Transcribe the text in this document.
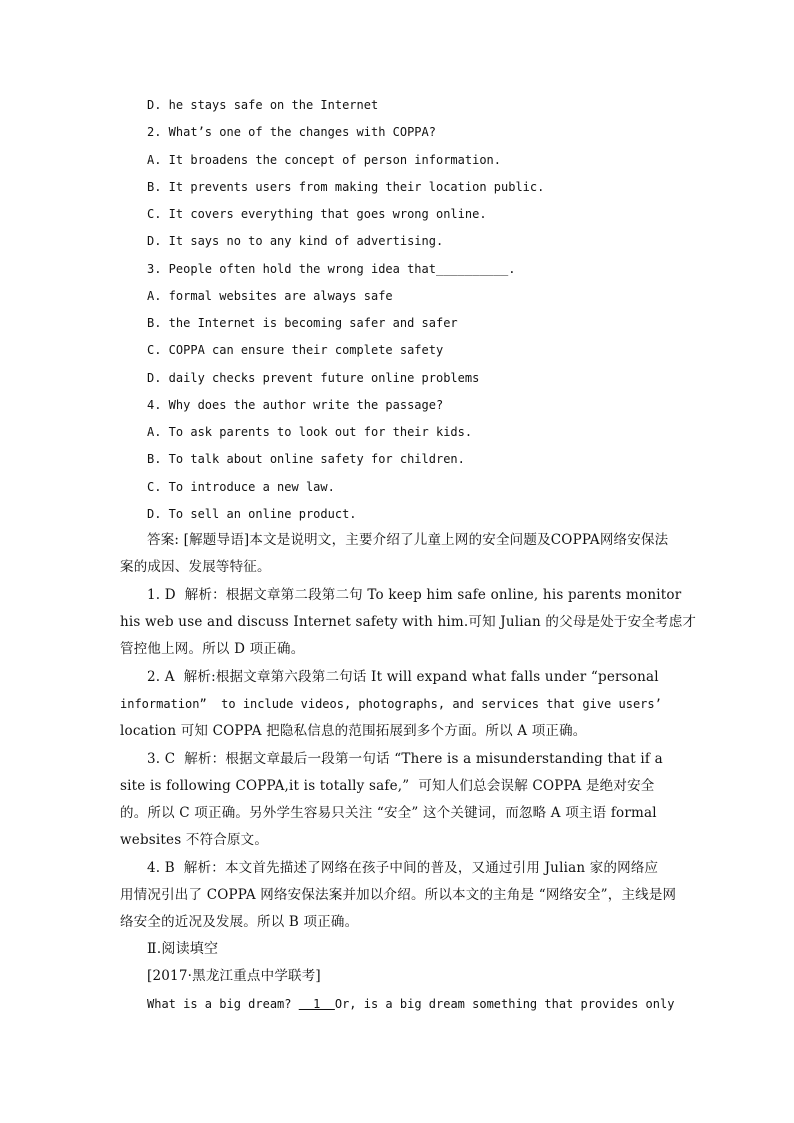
D. he stays safe on the Internet
2. What’s one of the changes with COPPA?
A. It broadens the concept of person information.
B. It prevents users from making their location public.
C. It covers everything that goes wrong online.
D. It says no to any kind of advertising.
3. People often hold the wrong idea that__________.
A. formal websites are always safe
B. the Internet is becoming safer and safer
C. COPPA can ensure their complete safety
D. daily checks prevent future online problems
4. Why does the author write the passage?
A. To ask parents to look out for their kids.
B. To talk about online safety for children.
C. To introduce a new law.
D. To sell an online product.
答案: [解题导语]本文是说明文，主要介绍了儿童上网的安全问题及COPPA网络安保法
案的成因、发展等特征。
1. D  解析：根据文章第二段第二句 To keep him safe online, his parents monitor
his web use and discuss Internet safety with him.可知 Julian 的父母是处于安全考虑才
管控他上网。所以 D 项正确。
2. A  解析:根据文章第六段第二句话 It will expand what falls under “personal
information”  to include videos, photographs, and services that give users’
location 可知 COPPA 把隐私信息的范围拓展到多个方面。所以 A 项正确。
3. C  解析：根据文章最后一段第一句话 “There is a misunderstanding that if a
site is following COPPA,it is totally safe,”  可知人们总会误解 COPPA 是绝对安全
的。所以 C 项正确。另外学生容易只关注 “安全” 这个关键词，而忽略 A 项主语 formal
websites 不符合原文。
4. B  解析：本文首先描述了网络在孩子中间的普及，又通过引用 Julian 家的网络应
用情况引出了 COPPA 网络安保法案并加以介绍。所以本文的主角是 “网络安全”，主线是网
络安全的近况及发展。所以 B 项正确。
Ⅱ.阅读填空
[2017·黑龙江重点中学联考]
What is a big dream?   1  Or, is a big dream something that provides only
